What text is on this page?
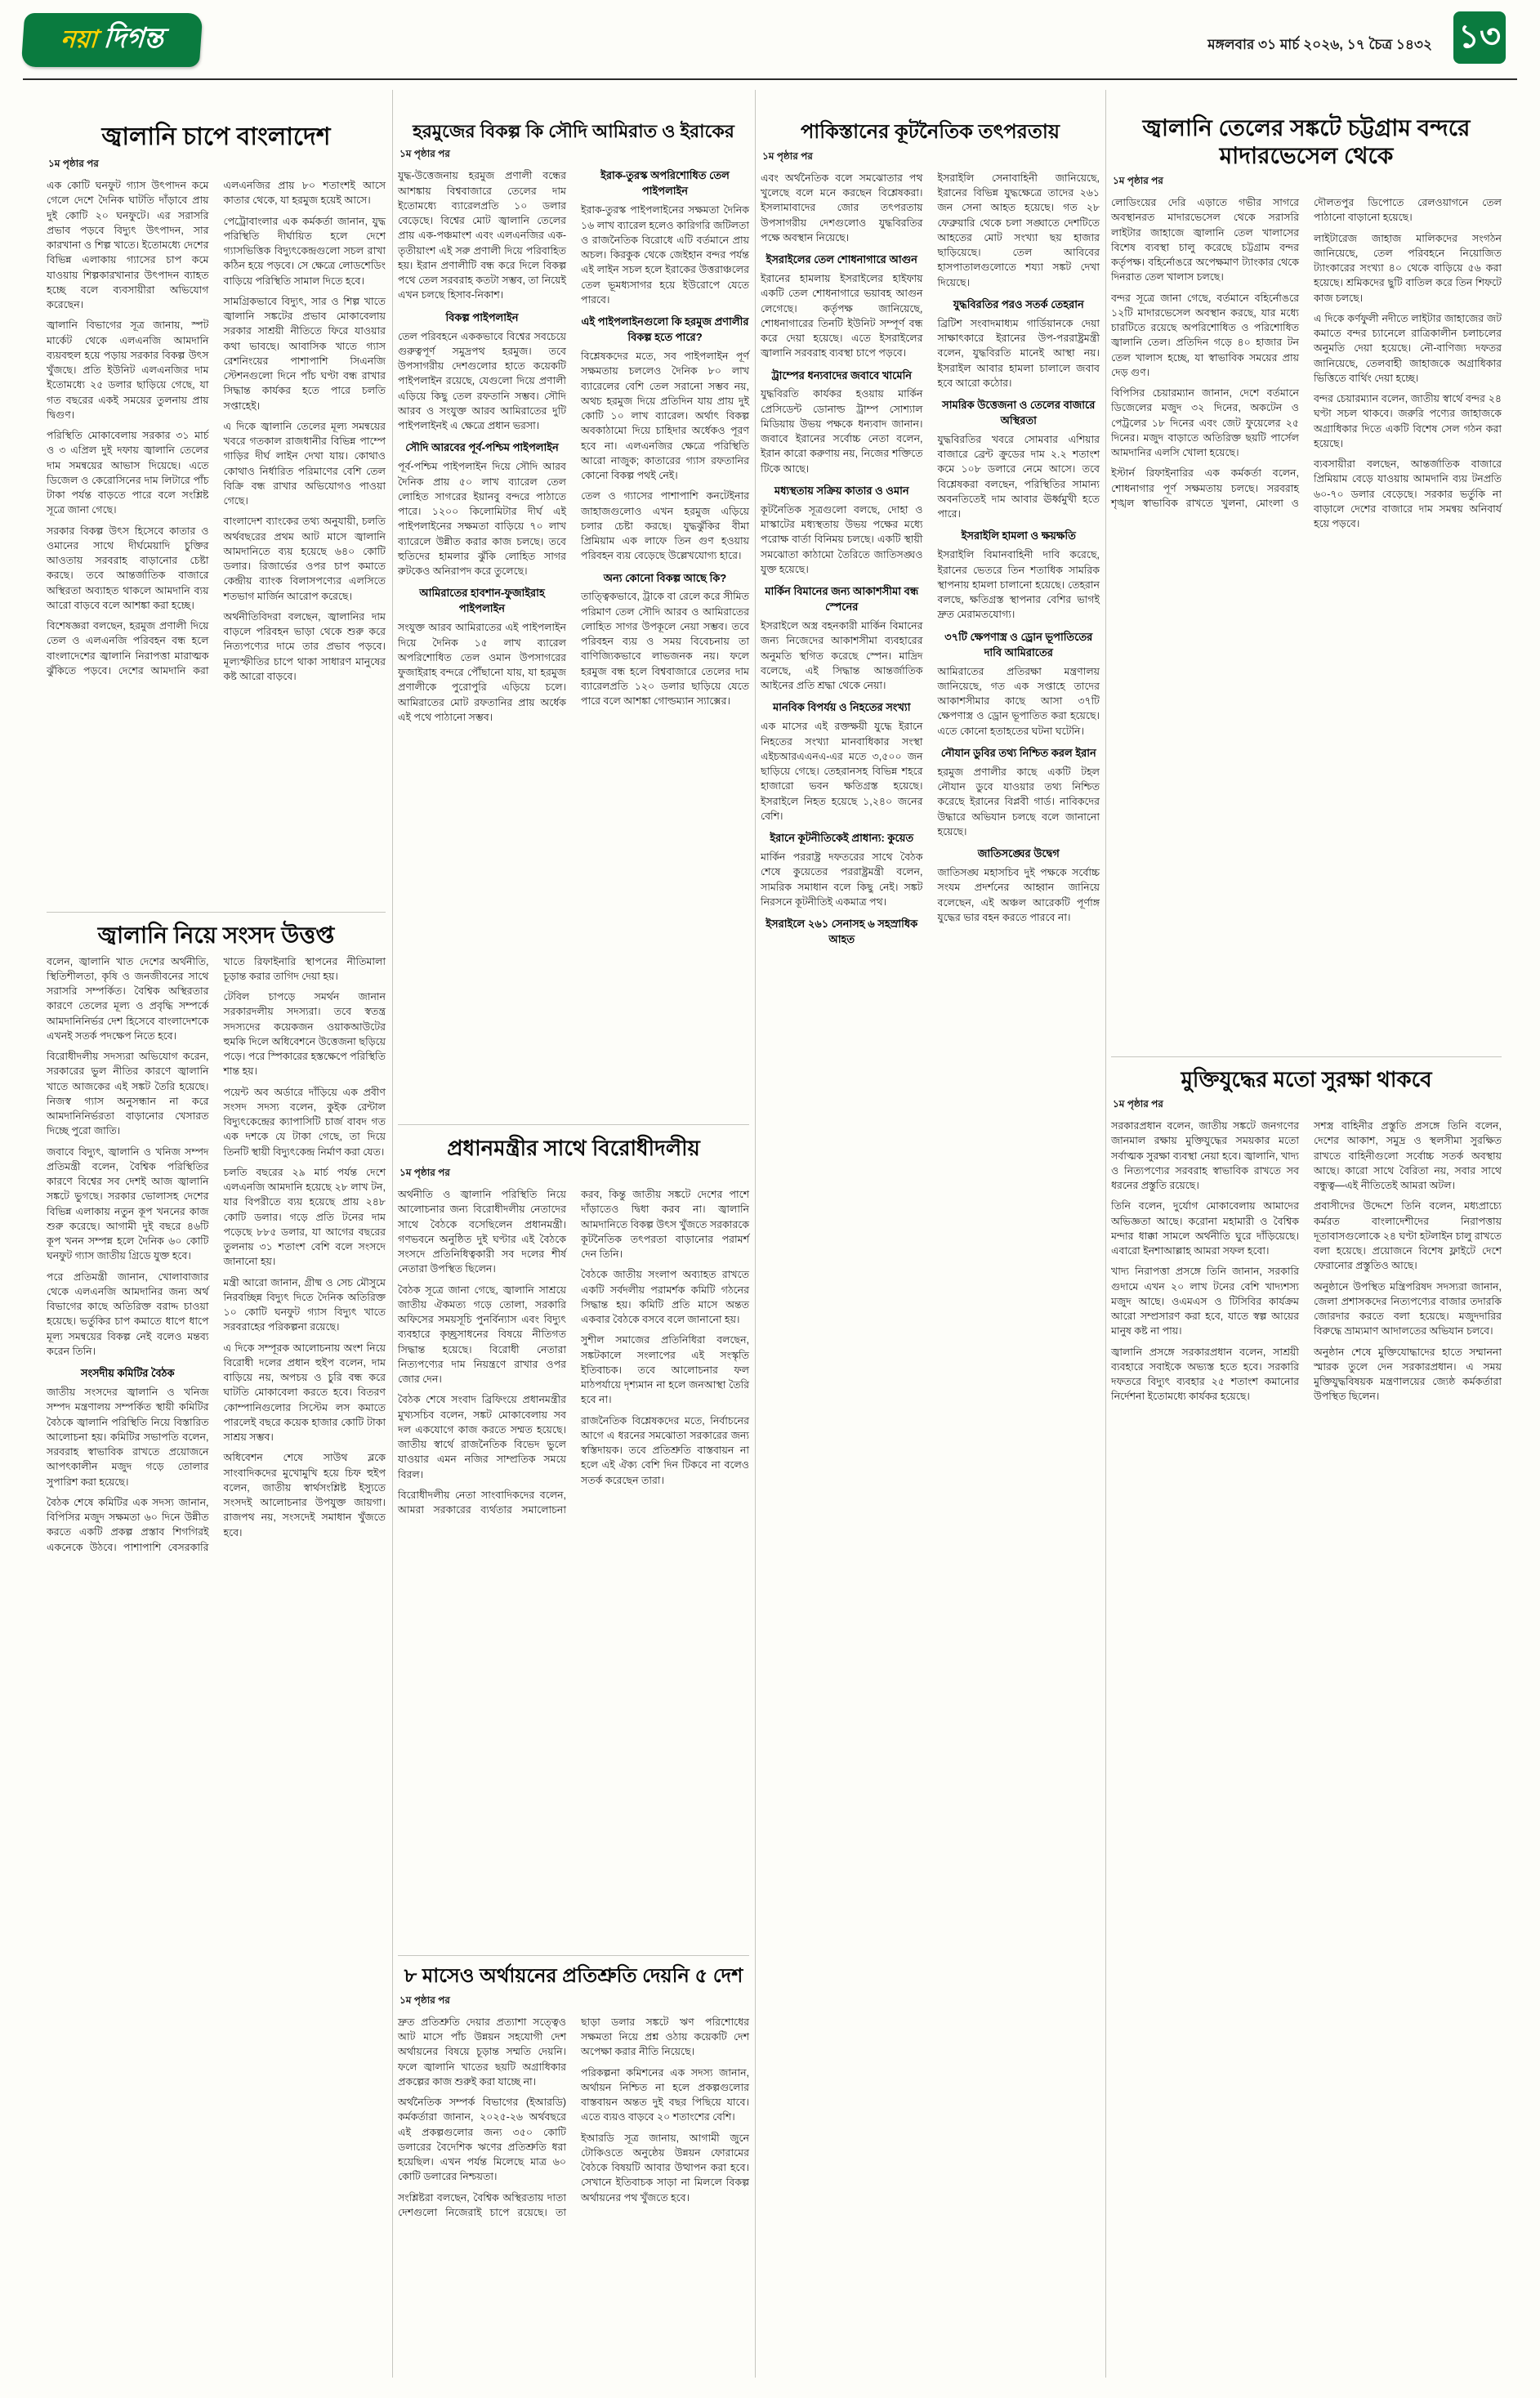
নয়া দিগন্ত	মঙ্গলবার ৩১ মার্চ ২০২৬, ১৭ চৈত্র ১৪৩২ ১৩
জ্বালানি চাপে বাংলাদেশ
১ম পৃষ্ঠার পর

এক কোটি ঘনফুট গ্যাস উৎপাদন কমে গেলে দেশে দৈনিক ঘাটতি দাঁড়াবে প্রায় দুই কোটি ২০ ঘনফুটে। এর সরাসরি প্রভাব পড়বে বিদ্যুৎ উৎপাদন, সার কারখানা ও শিল্প খাতে। ইতোমধ্যে দেশের বিভিন্ন এলাকায় গ্যাসের চাপ কমে যাওয়ায় শিল্পকারখানার উৎপাদন ব্যাহত হচ্ছে বলে ব্যবসায়ীরা অভিযোগ করেছেন।

জ্বালানি বিভাগের সূত্র জানায়, স্পট মার্কেট থেকে এলএনজি আমদানি ব্যয়বহুল হয়ে পড়ায় সরকার বিকল্প উৎস খুঁজছে। প্রতি ইউনিট এলএনজির দাম ইতোমধ্যে ২৫ ডলার ছাড়িয়ে গেছে, যা গত বছরের একই সময়ের তুলনায় প্রায় দ্বিগুণ।

পরিস্থিতি মোকাবেলায় সরকার ৩১ মার্চ ও ৩ এপ্রিল দুই দফায় জ্বালানি তেলের দাম সমন্বয়ের আভাস দিয়েছে। এতে ডিজেল ও কেরোসিনের দাম লিটারে পাঁচ টাকা পর্যন্ত বাড়তে পারে বলে সংশ্লিষ্ট সূত্রে জানা গেছে।

সরকার বিকল্প উৎস হিসেবে কাতার ও ওমানের সাথে দীর্ঘমেয়াদি চুক্তির আওতায় সরবরাহ বাড়ানোর চেষ্টা করছে। তবে আন্তর্জাতিক বাজারে অস্থিরতা অব্যাহত থাকলে আমদানি ব্যয় আরো বাড়বে বলে আশঙ্কা করা হচ্ছে।

বিশেষজ্ঞরা বলছেন, হরমুজ প্রণালী দিয়ে তেল ও এলএনজি পরিবহন বন্ধ হলে বাংলাদেশের জ্বালানি নিরাপত্তা মারাত্মক ঝুঁকিতে পড়বে। দেশের আমদানি করা এলএনজির প্রায় ৮০ শতাংশই আসে কাতার থেকে, যা হরমুজ হয়েই আসে।

পেট্রোবাংলার এক কর্মকর্তা জানান, যুদ্ধ পরিস্থিতি দীর্ঘায়িত হলে দেশে গ্যাসভিত্তিক বিদ্যুৎকেন্দ্রগুলো সচল রাখা কঠিন হয়ে পড়বে। সে ক্ষেত্রে লোডশেডিং বাড়িয়ে পরিস্থিতি সামাল দিতে হবে।

সামগ্রিকভাবে বিদ্যুৎ, সার ও শিল্প খাতে জ্বালানি সঙ্কটের প্রভাব মোকাবেলায় সরকার সাশ্রয়ী নীতিতে ফিরে যাওয়ার কথা ভাবছে। আবাসিক খাতে গ্যাস রেশনিংয়ের পাশাপাশি সিএনজি স্টেশনগুলো দিনে পাঁচ ঘণ্টা বন্ধ রাখার সিদ্ধান্ত কার্যকর হতে পারে চলতি সপ্তাহেই।

এ দিকে জ্বালানি তেলের মূল্য সমন্বয়ের খবরে গতকাল রাজধানীর বিভিন্ন পাম্পে গাড়ির দীর্ঘ লাইন দেখা যায়। কোথাও কোথাও নির্ধারিত পরিমাণের বেশি তেল বিক্রি বন্ধ রাখার অভিযোগও পাওয়া গেছে।

বাংলাদেশ ব্যাংকের তথ্য অনুযায়ী, চলতি অর্থবছরের প্রথম আট মাসে জ্বালানি আমদানিতে ব্যয় হয়েছে ৬৪০ কোটি ডলার। রিজার্ভের ওপর চাপ কমাতে কেন্দ্রীয় ব্যাংক বিলাসপণ্যের এলসিতে শতভাগ মার্জিন আরোপ করেছে।

অর্থনীতিবিদরা বলছেন, জ্বালানির দাম বাড়লে পরিবহন ভাড়া থেকে শুরু করে নিত্যপণ্যের দামে তার প্রভাব পড়বে। মূল্যস্ফীতির চাপে থাকা সাধারণ মানুষের কষ্ট আরো বাড়বে।

জ্বালানি নিয়ে সংসদ উত্তপ্ত

বলেন, জ্বালানি খাত দেশের অর্থনীতি, স্থিতিশীলতা, কৃষি ও জনজীবনের সাথে সরাসরি সম্পর্কিত। বৈশ্বিক অস্থিরতার কারণে তেলের মূল্য ও প্রবৃদ্ধি সম্পর্কে আমদানিনির্ভর দেশ হিসেবে বাংলাদেশকে এখনই সতর্ক পদক্ষেপ নিতে হবে।

বিরোধীদলীয় সদস্যরা অভিযোগ করেন, সরকারের ভুল নীতির কারণে জ্বালানি খাতে আজকের এই সঙ্কট তৈরি হয়েছে। নিজস্ব গ্যাস অনুসন্ধান না করে আমদানিনির্ভরতা বাড়ানোর খেসারত দিচ্ছে পুরো জাতি।

জবাবে বিদ্যুৎ, জ্বালানি ও খনিজ সম্পদ প্রতিমন্ত্রী বলেন, বৈশ্বিক পরিস্থিতির কারণে বিশ্বের সব দেশই আজ জ্বালানি সঙ্কটে ভুগছে। সরকার ভোলাসহ দেশের বিভিন্ন এলাকায় নতুন কূপ খননের কাজ শুরু করেছে। আগামী দুই বছরে ৪৬টি কূপ খনন সম্পন্ন হলে দৈনিক ৬০ কোটি ঘনফুট গ্যাস জাতীয় গ্রিডে যুক্ত হবে।

পরে প্রতিমন্ত্রী জানান, খোলাবাজার থেকে এলএনজি আমদানির জন্য অর্থ বিভাগের কাছে অতিরিক্ত বরাদ্দ চাওয়া হয়েছে। ভর্তুকির চাপ কমাতে ধাপে ধাপে মূল্য সমন্বয়ের বিকল্প নেই বলেও মন্তব্য করেন তিনি।

সংসদীয় কমিটির বৈঠক

জাতীয় সংসদের জ্বালানি ও খনিজ সম্পদ মন্ত্রণালয় সম্পর্কিত স্থায়ী কমিটির বৈঠকে জ্বালানি পরিস্থিতি নিয়ে বিস্তারিত আলোচনা হয়। কমিটির সভাপতি বলেন, সরবরাহ স্বাভাবিক রাখতে প্রয়োজনে আপৎকালীন মজুদ গড়ে তোলার সুপারিশ করা হয়েছে।

বৈঠক শেষে কমিটির এক সদস্য জানান, বিপিসির মজুদ সক্ষমতা ৬০ দিনে উন্নীত করতে একটি প্রকল্প প্রস্তাব শিগগিরই একনেকে উঠবে। পাশাপাশি বেসরকারি খাতে রিফাইনারি স্থাপনের নীতিমালা চূড়ান্ত করার তাগিদ দেয়া হয়।

টেবিল চাপড়ে সমর্থন জানান সরকারদলীয় সদস্যরা। তবে স্বতন্ত্র সদস্যদের কয়েকজন ওয়াকআউটের হুমকি দিলে অধিবেশনে উত্তেজনা ছড়িয়ে পড়ে। পরে স্পিকারের হস্তক্ষেপে পরিস্থিতি শান্ত হয়।

পয়েন্ট অব অর্ডারে দাঁড়িয়ে এক প্রবীণ সংসদ সদস্য বলেন, কুইক রেন্টাল বিদ্যুৎকেন্দ্রের ক্যাপাসিটি চার্জ বাবদ গত এক দশকে যে টাকা গেছে, তা দিয়ে তিনটি স্থায়ী বিদ্যুৎকেন্দ্র নির্মাণ করা যেত।

চলতি বছরের ২৯ মার্চ পর্যন্ত দেশে এলএনজি আমদানি হয়েছে ২৮ লাখ টন, যার বিপরীতে ব্যয় হয়েছে প্রায় ২৪৮ কোটি ডলার। গড়ে প্রতি টনের দাম পড়েছে ৮৮৫ ডলার, যা আগের বছরের তুলনায় ৩১ শতাংশ বেশি বলে সংসদে জানানো হয়।

মন্ত্রী আরো জানান, গ্রীষ্ম ও সেচ মৌসুমে নিরবচ্ছিন্ন বিদ্যুৎ দিতে দৈনিক অতিরিক্ত ১০ কোটি ঘনফুট গ্যাস বিদ্যুৎ খাতে সরবরাহের পরিকল্পনা রয়েছে।

এ দিকে সম্পূরক আলোচনায় অংশ নিয়ে বিরোধী দলের প্রধান হুইপ বলেন, দাম বাড়িয়ে নয়, অপচয় ও চুরি বন্ধ করে ঘাটতি মোকাবেলা করতে হবে। বিতরণ কোম্পানিগুলোর সিস্টেম লস কমাতে পারলেই বছরে কয়েক হাজার কোটি টাকা সাশ্রয় সম্ভব।

অধিবেশন শেষে সাউথ ব্লকে সাংবাদিকদের মুখোমুখি হয়ে চিফ হুইপ বলেন, জাতীয় স্বার্থসংশ্লিষ্ট ইস্যুতে সংসদই আলোচনার উপযুক্ত জায়গা। রাজপথ নয়, সংসদেই সমাধান খুঁজতে হবে।

হরমুজের বিকল্প কি সৌদি আমিরাত ও ইরাকের
১ম পৃষ্ঠার পর

যুদ্ধ-উত্তেজনায় হরমুজ প্রণালী বন্ধের আশঙ্কায় বিশ্ববাজারে তেলের দাম ইতোমধ্যে ব্যারেলপ্রতি ১০ ডলার বেড়েছে। বিশ্বের মোট জ্বালানি তেলের প্রায় এক-পঞ্চমাংশ এবং এলএনজির এক-তৃতীয়াংশ এই সরু প্রণালী দিয়ে পরিবাহিত হয়। ইরান প্রণালীটি বন্ধ করে দিলে বিকল্প পথে তেল সরবরাহ কতটা সম্ভব, তা নিয়েই এখন চলছে হিসাব-নিকাশ।

বিকল্প পাইপলাইন

তেল পরিবহনে এককভাবে বিশ্বের সবচেয়ে গুরুত্বপূর্ণ সমুদ্রপথ হরমুজ। তবে উপসাগরীয় দেশগুলোর হাতে কয়েকটি পাইপলাইন রয়েছে, যেগুলো দিয়ে প্রণালী এড়িয়ে কিছু তেল রফতানি সম্ভব। সৌদি আরব ও সংযুক্ত আরব আমিরাতের দুটি পাইপলাইনই এ ক্ষেত্রে প্রধান ভরসা।

সৌদি আরবের পূর্ব-পশ্চিম পাইপলাইন

পূর্ব-পশ্চিম পাইপলাইন দিয়ে সৌদি আরব দৈনিক প্রায় ৫০ লাখ ব্যারেল তেল লোহিত সাগরের ইয়ানবু বন্দরে পাঠাতে পারে। ১২০০ কিলোমিটার দীর্ঘ এই পাইপলাইনের সক্ষমতা বাড়িয়ে ৭০ লাখ ব্যারেলে উন্নীত করার কাজ চলছে। তবে হুতিদের হামলার ঝুঁকি লোহিত সাগর রুটকেও অনিরাপদ করে তুলেছে।

আমিরাতের হাবশান-ফুজাইরাহ পাইপলাইন

সংযুক্ত আরব আমিরাতের এই পাইপলাইন দিয়ে দৈনিক ১৫ লাখ ব্যারেল অপরিশোধিত তেল ওমান উপসাগরের ফুজাইরাহ বন্দরে পৌঁছানো যায়, যা হরমুজ প্রণালীকে পুরোপুরি এড়িয়ে চলে। আমিরাতের মোট রফতানির প্রায় অর্ধেক এই পথে পাঠানো সম্ভব।

ইরাক-তুরস্ক অপরিশোধিত তেল পাইপলাইন

ইরাক-তুরস্ক পাইপলাইনের সক্ষমতা দৈনিক ১৬ লাখ ব্যারেল হলেও কারিগরি জটিলতা ও রাজনৈতিক বিরোধে এটি বর্তমানে প্রায় অচল। কিরকুক থেকে জেইহান বন্দর পর্যন্ত এই লাইন সচল হলে ইরাকের উত্তরাঞ্চলের তেল ভূমধ্যসাগর হয়ে ইউরোপে যেতে পারবে।

এই পাইপলাইনগুলো কি হরমুজ প্রণালীর বিকল্প হতে পারে?

বিশ্লেষকদের মতে, সব পাইপলাইন পূর্ণ সক্ষমতায় চললেও দৈনিক ৮০ লাখ ব্যারেলের বেশি তেল সরানো সম্ভব নয়, অথচ হরমুজ দিয়ে প্রতিদিন যায় প্রায় দুই কোটি ১০ লাখ ব্যারেল। অর্থাৎ বিকল্প অবকাঠামো দিয়ে চাহিদার অর্ধেকও পূরণ হবে না। এলএনজির ক্ষেত্রে পরিস্থিতি আরো নাজুক; কাতারের গ্যাস রফতানির কোনো বিকল্প পথই নেই।

তেল ও গ্যাসের পাশাপাশি কনটেইনার জাহাজগুলোও এখন হরমুজ এড়িয়ে চলার চেষ্টা করছে। যুদ্ধঝুঁকির বীমা প্রিমিয়াম এক লাফে তিন গুণ হওয়ায় পরিবহন ব্যয় বেড়েছে উল্লেখযোগ্য হারে।

অন্য কোনো বিকল্প আছে কি?

তাত্ত্বিকভাবে, ট্রাকে বা রেলে করে সীমিত পরিমাণ তেল সৌদি আরব ও আমিরাতের লোহিত সাগর উপকূলে নেয়া সম্ভব। তবে পরিবহন ব্যয় ও সময় বিবেচনায় তা বাণিজ্যিকভাবে লাভজনক নয়। ফলে হরমুজ বন্ধ হলে বিশ্ববাজারে তেলের দাম ব্যারেলপ্রতি ১২০ ডলার ছাড়িয়ে যেতে পারে বলে আশঙ্কা গোল্ডম্যান স্যাক্সের।

প্রধানমন্ত্রীর সাথে বিরোধীদলীয়
১ম পৃষ্ঠার পর

অর্থনীতি ও জ্বালানি পরিস্থিতি নিয়ে আলোচনার জন্য বিরোধীদলীয় নেতাদের সাথে বৈঠকে বসেছিলেন প্রধানমন্ত্রী। গণভবনে অনুষ্ঠিত দুই ঘণ্টার এই বৈঠকে সংসদে প্রতিনিধিত্বকারী সব দলের শীর্ষ নেতারা উপস্থিত ছিলেন।

বৈঠক সূত্রে জানা গেছে, জ্বালানি সাশ্রয়ে জাতীয় ঐকমত্য গড়ে তোলা, সরকারি অফিসের সময়সূচি পুনর্বিন্যাস এবং বিদ্যুৎ ব্যবহারে কৃচ্ছ্রসাধনের বিষয়ে নীতিগত সিদ্ধান্ত হয়েছে। বিরোধী নেতারা নিত্যপণ্যের দাম নিয়ন্ত্রণে রাখার ওপর জোর দেন।

বৈঠক শেষে সংবাদ ব্রিফিংয়ে প্রধানমন্ত্রীর মুখ্যসচিব বলেন, সঙ্কট মোকাবেলায় সব দল একযোগে কাজ করতে সম্মত হয়েছে। জাতীয় স্বার্থে রাজনৈতিক বিভেদ ভুলে যাওয়ার এমন নজির সাম্প্রতিক সময়ে বিরল।

বিরোধীদলীয় নেতা সাংবাদিকদের বলেন, আমরা সরকারের ব্যর্থতার সমালোচনা করব, কিন্তু জাতীয় সঙ্কটে দেশের পাশে দাঁড়াতেও দ্বিধা করব না। জ্বালানি আমদানিতে বিকল্প উৎস খুঁজতে সরকারকে কূটনৈতিক তৎপরতা বাড়ানোর পরামর্শ দেন তিনি।

বৈঠকে জাতীয় সংলাপ অব্যাহত রাখতে একটি সর্বদলীয় পরামর্শক কমিটি গঠনের সিদ্ধান্ত হয়। কমিটি প্রতি মাসে অন্তত একবার বৈঠকে বসবে বলে জানানো হয়।

সুশীল সমাজের প্রতিনিধিরা বলছেন, সঙ্কটকালে সংলাপের এই সংস্কৃতি ইতিবাচক। তবে আলোচনার ফল মাঠপর্যায়ে দৃশ্যমান না হলে জনআস্থা তৈরি হবে না।

রাজনৈতিক বিশ্লেষকদের মতে, নির্বাচনের আগে এ ধরনের সমঝোতা সরকারের জন্য স্বস্তিদায়ক। তবে প্রতিশ্রুতি বাস্তবায়ন না হলে এই ঐক্য বেশি দিন টিকবে না বলেও সতর্ক করেছেন তারা।

৮ মাসেও অর্থায়নের প্রতিশ্রুতি দেয়নি ৫ দেশ
১ম পৃষ্ঠার পর

দ্রুত প্রতিশ্রুতি দেয়ার প্রত্যাশা সত্ত্বেও আট মাসে পাঁচ উন্নয়ন সহযোগী দেশ অর্থায়নের বিষয়ে চূড়ান্ত সম্মতি দেয়নি। ফলে জ্বালানি খাতের ছয়টি অগ্রাধিকার প্রকল্পের কাজ শুরুই করা যাচ্ছে না।

অর্থনৈতিক সম্পর্ক বিভাগের (ইআরডি) কর্মকর্তারা জানান, ২০২৫-২৬ অর্থবছরে এই প্রকল্পগুলোর জন্য ৩৫০ কোটি ডলারের বৈদেশিক ঋণের প্রতিশ্রুতি ধরা হয়েছিল। এখন পর্যন্ত মিলেছে মাত্র ৬০ কোটি ডলারের নিশ্চয়তা।

সংশ্লিষ্টরা বলছেন, বৈশ্বিক অস্থিরতায় দাতা দেশগুলো নিজেরাই চাপে রয়েছে। তা ছাড়া ডলার সঙ্কটে ঋণ পরিশোধের সক্ষমতা নিয়ে প্রশ্ন ওঠায় কয়েকটি দেশ অপেক্ষা করার নীতি নিয়েছে।

পরিকল্পনা কমিশনের এক সদস্য জানান, অর্থায়ন নিশ্চিত না হলে প্রকল্পগুলোর বাস্তবায়ন অন্তত দুই বছর পিছিয়ে যাবে। এতে ব্যয়ও বাড়বে ২০ শতাংশের বেশি।

ইআরডি সূত্র জানায়, আগামী জুনে টোকিওতে অনুষ্ঠেয় উন্নয়ন ফোরামের বৈঠকে বিষয়টি আবার উত্থাপন করা হবে। সেখানে ইতিবাচক সাড়া না মিললে বিকল্প অর্থায়নের পথ খুঁজতে হবে।

পাকিস্তানের কূটনৈতিক তৎপরতায়
১ম পৃষ্ঠার পর

এবং অর্থনৈতিক বলে সমঝোতার পথ খুলেছে বলে মনে করছেন বিশ্লেষকরা। ইসলামাবাদের জোর তৎপরতায় উপসাগরীয় দেশগুলোও যুদ্ধবিরতির পক্ষে অবস্থান নিয়েছে।

ইসরাইলের তেল শোধনাগারে আগুন

ইরানের হামলায় ইসরাইলের হাইফায় একটি তেল শোধনাগারে ভয়াবহ আগুন লেগেছে। কর্তৃপক্ষ জানিয়েছে, শোধনাগারের তিনটি ইউনিট সম্পূর্ণ বন্ধ করে দেয়া হয়েছে। এতে ইসরাইলের জ্বালানি সরবরাহ ব্যবস্থা চাপে পড়বে।

ট্রাম্পের ধন্যবাদের জবাবে খামেনি

যুদ্ধবিরতি কার্যকর হওয়ায় মার্কিন প্রেসিডেন্ট ডোনাল্ড ট্রাম্প সোশ্যাল মিডিয়ায় উভয় পক্ষকে ধন্যবাদ জানান। জবাবে ইরানের সর্বোচ্চ নেতা বলেন, ইরান কারো করুণায় নয়, নিজের শক্তিতে টিকে আছে।

মধ্যস্থতায় সক্রিয় কাতার ও ওমান

কূটনৈতিক সূত্রগুলো বলছে, দোহা ও মাস্কাটের মধ্যস্থতায় উভয় পক্ষের মধ্যে পরোক্ষ বার্তা বিনিময় চলছে। একটি স্থায়ী সমঝোতা কাঠামো তৈরিতে জাতিসঙ্ঘও যুক্ত হয়েছে।

মার্কিন বিমানের জন্য আকাশসীমা বন্ধ স্পেনের

ইসরাইলে অস্ত্র বহনকারী মার্কিন বিমানের জন্য নিজেদের আকাশসীমা ব্যবহারের অনুমতি স্থগিত করেছে স্পেন। মাদ্রিদ বলেছে, এই সিদ্ধান্ত আন্তর্জাতিক আইনের প্রতি শ্রদ্ধা থেকে নেয়া।

মানবিক বিপর্যয় ও নিহতের সংখ্যা

এক মাসের এই রক্তক্ষয়ী যুদ্ধে ইরানে নিহতের সংখ্যা মানবাধিকার সংস্থা এইচআরএএনএ-এর মতে ৩,৫০০ জন ছাড়িয়ে গেছে। তেহরানসহ বিভিন্ন শহরে হাজারো ভবন ক্ষতিগ্রস্ত হয়েছে। ইসরাইলে নিহত হয়েছে ১,২৪০ জনের বেশি।

ইরানে কূটনীতিকেই প্রাধান্য: কুয়েত

মার্কিন পররাষ্ট্র দফতরের সাথে বৈঠক শেষে কুয়েতের পররাষ্ট্রমন্ত্রী বলেন, সামরিক সমাধান বলে কিছু নেই। সঙ্কট নিরসনে কূটনীতিই একমাত্র পথ।

ইসরাইলে ২৬১ সেনাসহ ৬ সহস্রাধিক আহত

ইসরাইলি সেনাবাহিনী জানিয়েছে, ইরানের বিভিন্ন যুদ্ধক্ষেত্রে তাদের ২৬১ জন সেনা আহত হয়েছে। গত ২৮ ফেব্রুয়ারি থেকে চলা সঙ্ঘাতে দেশটিতে আহতের মোট সংখ্যা ছয় হাজার ছাড়িয়েছে। তেল আবিবের হাসপাতালগুলোতে শয্যা সঙ্কট দেখা দিয়েছে।

যুদ্ধবিরতির পরও সতর্ক তেহরান

ব্রিটিশ সংবাদমাধ্যম গার্ডিয়ানকে দেয়া সাক্ষাৎকারে ইরানের উপ-পররাষ্ট্রমন্ত্রী বলেন, যুদ্ধবিরতি মানেই আস্থা নয়। ইসরাইল আবার হামলা চালালে জবাব হবে আরো কঠোর।

সামরিক উত্তেজনা ও তেলের বাজারে অস্থিরতা

যুদ্ধবিরতির খবরে সোমবার এশিয়ার বাজারে ব্রেন্ট ক্রুডের দাম ২.২ শতাংশ কমে ১০৮ ডলারে নেমে আসে। তবে বিশ্লেষকরা বলছেন, পরিস্থিতির সামান্য অবনতিতেই দাম আবার ঊর্ধ্বমুখী হতে পারে।

ইসরাইলি হামলা ও ক্ষয়ক্ষতি

ইসরাইলি বিমানবাহিনী দাবি করেছে, ইরানের ভেতরে তিন শতাধিক সামরিক স্থাপনায় হামলা চালানো হয়েছে। তেহরান বলছে, ক্ষতিগ্রস্ত স্থাপনার বেশির ভাগই দ্রুত মেরামতযোগ্য।

৩৭টি ক্ষেপণাস্ত্র ও ড্রোন ভূপাতিতের দাবি আমিরাতের

আমিরাতের প্রতিরক্ষা মন্ত্রণালয় জানিয়েছে, গত এক সপ্তাহে তাদের আকাশসীমার কাছে আসা ৩৭টি ক্ষেপণাস্ত্র ও ড্রোন ভূপাতিত করা হয়েছে। এতে কোনো হতাহতের ঘটনা ঘটেনি।

নৌযান ডুবির তথ্য নিশ্চিত করল ইরান

হরমুজ প্রণালীর কাছে একটি টহল নৌযান ডুবে যাওয়ার তথ্য নিশ্চিত করেছে ইরানের বিপ্লবী গার্ড। নাবিকদের উদ্ধারে অভিযান চলছে বলে জানানো হয়েছে।

জাতিসঙ্ঘের উদ্বেগ

জাতিসঙ্ঘ মহাসচিব দুই পক্ষকে সর্বোচ্চ সংযম প্রদর্শনের আহ্বান জানিয়ে বলেছেন, এই অঞ্চল আরেকটি পূর্ণাঙ্গ যুদ্ধের ভার বহন করতে পারবে না।

জ্বালানি তেলের সঙ্কটে চট্টগ্রাম বন্দরে মাদারভেসেল থেকে
১ম পৃষ্ঠার পর

লোডিংয়ের দেরি এড়াতে গভীর সাগরে অবস্থানরত মাদারভেসেল থেকে সরাসরি লাইটার জাহাজে জ্বালানি তেল খালাসের বিশেষ ব্যবস্থা চালু করেছে চট্টগ্রাম বন্দর কর্তৃপক্ষ। বহির্নোঙরে অপেক্ষমাণ ট্যাংকার থেকে দিনরাত তেল খালাস চলছে।

বন্দর সূত্রে জানা গেছে, বর্তমানে বহির্নোঙরে ১২টি মাদারভেসেল অবস্থান করছে, যার মধ্যে চারটিতে রয়েছে অপরিশোধিত ও পরিশোধিত জ্বালানি তেল। প্রতিদিন গড়ে ৪০ হাজার টন তেল খালাস হচ্ছে, যা স্বাভাবিক সময়ের প্রায় দেড় গুণ।

বিপিসির চেয়ারম্যান জানান, দেশে বর্তমানে ডিজেলের মজুদ ৩২ দিনের, অকটেন ও পেট্রলের ১৮ দিনের এবং জেট ফুয়েলের ২৫ দিনের। মজুদ বাড়াতে অতিরিক্ত ছয়টি পার্সেল আমদানির এলসি খোলা হয়েছে।

ইস্টার্ন রিফাইনারির এক কর্মকর্তা বলেন, শোধনাগার পূর্ণ সক্ষমতায় চলছে। সরবরাহ শৃঙ্খল স্বাভাবিক রাখতে খুলনা, মোংলা ও দৌলতপুর ডিপোতে রেলওয়াগনে তেল পাঠানো বাড়ানো হয়েছে।

লাইটারেজ জাহাজ মালিকদের সংগঠন জানিয়েছে, তেল পরিবহনে নিয়োজিত ট্যাংকারের সংখ্যা ৪০ থেকে বাড়িয়ে ৫৬ করা হয়েছে। শ্রমিকদের ছুটি বাতিল করে তিন শিফটে কাজ চলছে।

এ দিকে কর্ণফুলী নদীতে লাইটার জাহাজের জট কমাতে বন্দর চ্যানেলে রাত্রিকালীন চলাচলের অনুমতি দেয়া হয়েছে। নৌ-বাণিজ্য দফতর জানিয়েছে, তেলবাহী জাহাজকে অগ্রাধিকার ভিত্তিতে বার্থিং দেয়া হচ্ছে।

বন্দর চেয়ারম্যান বলেন, জাতীয় স্বার্থে বন্দর ২৪ ঘণ্টা সচল থাকবে। জরুরি পণ্যের জাহাজকে অগ্রাধিকার দিতে একটি বিশেষ সেল গঠন করা হয়েছে।

ব্যবসায়ীরা বলছেন, আন্তর্জাতিক বাজারে প্রিমিয়াম বেড়ে যাওয়ায় আমদানি ব্যয় টনপ্রতি ৬০-৭০ ডলার বেড়েছে। সরকার ভর্তুকি না বাড়ালে দেশের বাজারে দাম সমন্বয় অনিবার্য হয়ে পড়বে।

মুক্তিযুদ্ধের মতো সুরক্ষা থাকবে
১ম পৃষ্ঠার পর

সরকারপ্রধান বলেন, জাতীয় সঙ্কটে জনগণের জানমাল রক্ষায় মুক্তিযুদ্ধের সময়কার মতো সর্বাত্মক সুরক্ষা ব্যবস্থা নেয়া হবে। জ্বালানি, খাদ্য ও নিত্যপণ্যের সরবরাহ স্বাভাবিক রাখতে সব ধরনের প্রস্তুতি রয়েছে।

তিনি বলেন, দুর্যোগ মোকাবেলায় আমাদের অভিজ্ঞতা আছে। করোনা মহামারী ও বৈশ্বিক মন্দার ধাক্কা সামলে অর্থনীতি ঘুরে দাঁড়িয়েছে। এবারো ইনশাআল্লাহ আমরা সফল হবো।

খাদ্য নিরাপত্তা প্রসঙ্গে তিনি জানান, সরকারি গুদামে এখন ২০ লাখ টনের বেশি খাদ্যশস্য মজুদ আছে। ওএমএস ও টিসিবির কার্যক্রম আরো সম্প্রসারণ করা হবে, যাতে স্বল্প আয়ের মানুষ কষ্ট না পায়।

জ্বালানি প্রসঙ্গে সরকারপ্রধান বলেন, সাশ্রয়ী ব্যবহারে সবাইকে অভ্যস্ত হতে হবে। সরকারি দফতরে বিদ্যুৎ ব্যবহার ২৫ শতাংশ কমানোর নির্দেশনা ইতোমধ্যে কার্যকর হয়েছে।

সশস্ত্র বাহিনীর প্রস্তুতি প্রসঙ্গে তিনি বলেন, দেশের আকাশ, সমুদ্র ও স্থলসীমা সুরক্ষিত রাখতে বাহিনীগুলো সর্বোচ্চ সতর্ক অবস্থায় আছে। কারো সাথে বৈরিতা নয়, সবার সাথে বন্ধুত্ব—এই নীতিতেই আমরা অটল।

প্রবাসীদের উদ্দেশে তিনি বলেন, মধ্যপ্রাচ্যে কর্মরত বাংলাদেশীদের নিরাপত্তায় দূতাবাসগুলোকে ২৪ ঘণ্টা হটলাইন চালু রাখতে বলা হয়েছে। প্রয়োজনে বিশেষ ফ্লাইটে দেশে ফেরানোর প্রস্তুতিও আছে।

অনুষ্ঠানে উপস্থিত মন্ত্রিপরিষদ সদস্যরা জানান, জেলা প্রশাসকদের নিত্যপণ্যের বাজার তদারকি জোরদার করতে বলা হয়েছে। মজুদদারির বিরুদ্ধে ভ্রাম্যমাণ আদালতের অভিযান চলবে।

অনুষ্ঠান শেষে মুক্তিযোদ্ধাদের হাতে সম্মাননা স্মারক তুলে দেন সরকারপ্রধান। এ সময় মুক্তিযুদ্ধবিষয়ক মন্ত্রণালয়ের জ্যেষ্ঠ কর্মকর্তারা উপস্থিত ছিলেন।
